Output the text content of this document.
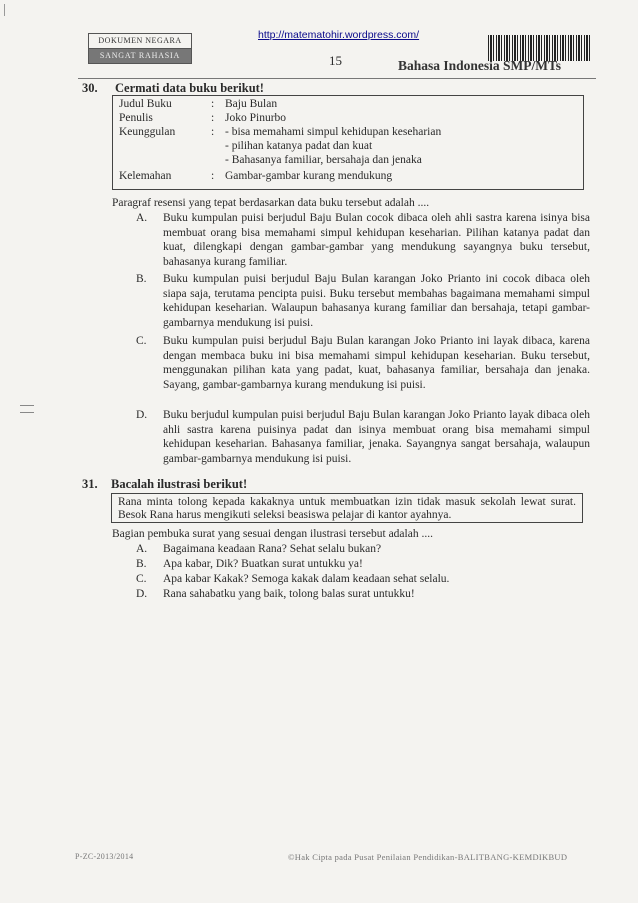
http://matematohir.wordpress.com/
DOKUMEN NEGARA
SANGAT RAHASIA	15	Bahasa Indonesia SMP/MTs
30. Cermati data buku berikut!
Judul Buku	: Baju Bulan
Penulis	: Joko Pinurbo
Keunggulan	: - bisa memahami simpul kehidupan keseharian
- pilihan katanya padat dan kuat
- Bahasanya familiar, bersahaja dan jenaka
Kelemahan	: Gambar-gambar kurang mendukung
Paragraf resensi yang tepat berdasarkan data buku tersebut adalah ....
A.	Buku kumpulan puisi berjudul Baju Bulan cocok dibaca oleh ahli sastra karena isinya bisa membuat orang bisa memahami simpul kehidupan keseharian. Pilihan katanya padat dan kuat, dilengkapi dengan gambar-gambar yang mendukung sayangnya buku tersebut, bahasanya kurang familiar.
B.	Buku kumpulan puisi berjudul Baju Bulan karangan Joko Prianto ini cocok dibaca oleh siapa saja, terutama pencipta puisi. Buku tersebut membahas bagaimana memahami simpul kehidupan keseharian. Walaupun bahasanya kurang familiar dan bersahaja, tetapi gambar-gambarnya mendukung isi puisi.
C.	Buku kumpulan puisi berjudul Baju Bulan karangan Joko Prianto ini layak dibaca, karena dengan membaca buku ini bisa memahami simpul kehidupan keseharian. Buku tersebut, menggunakan pilihan kata yang padat, kuat, bahasanya familiar, bersahaja dan jenaka. Sayang, gambar-gambarnya kurang mendukung isi puisi.
D.	Buku berjudul kumpulan puisi berjudul Baju Bulan karangan Joko Prianto layak dibaca oleh ahli sastra karena puisinya padat dan isinya membuat orang bisa memahami simpul kehidupan keseharian. Bahasanya familiar, jenaka. Sayangnya sangat bersahaja, walaupun gambar-gambarnya mendukung isi puisi.
31. Bacalah ilustrasi berikut!
Rana minta tolong kepada kakaknya untuk membuatkan izin tidak masuk sekolah lewat surat. Besok Rana harus mengikuti seleksi beasiswa pelajar di kantor ayahnya.
Bagian pembuka surat yang sesuai dengan ilustrasi tersebut adalah ....
A.	Bagaimana keadaan Rana? Sehat selalu bukan?
B.	Apa kabar, Dik? Buatkan surat untukku ya!
C.	Apa kabar Kakak? Semoga kakak dalam keadaan sehat selalu.
D.	Rana sahabatku yang baik, tolong balas surat untukku!
P-ZC-2013/2014	©Hak Cipta pada Pusat Penilaian Pendidikan-BALITBANG-KEMDIKBUD
